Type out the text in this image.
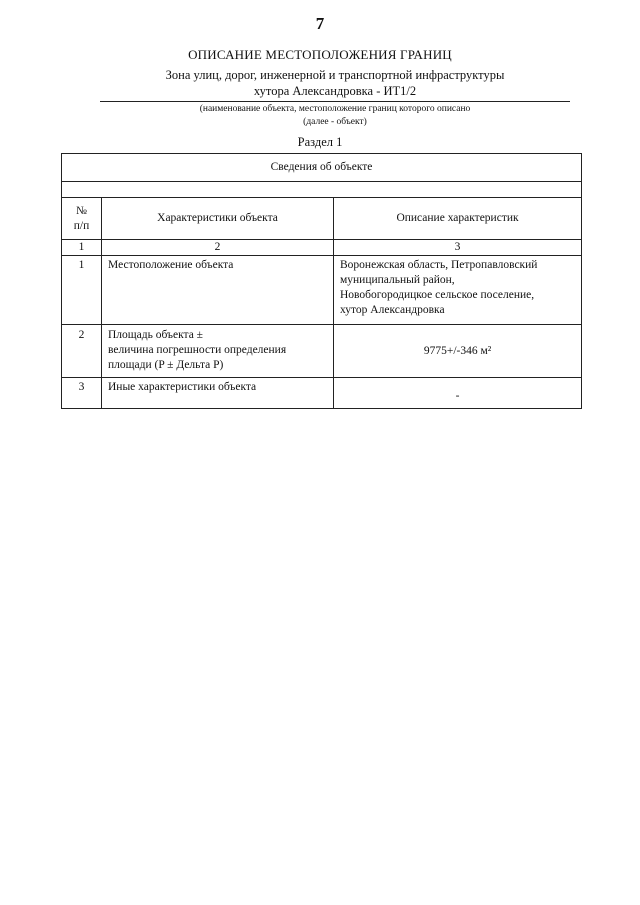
7
ОПИСАНИЕ МЕСТОПОЛОЖЕНИЯ ГРАНИЦ
Зона улиц, дорог, инженерной и транспортной инфраструктуры
хутора Александровка - ИТ1/2
(наименование объекта, местоположение границ которого описано
(далее - объект)
Раздел 1
Сведения об объекте		

№
п/п	Характеристики объекта	Описание характеристик
1	2	3
1	Местоположение объекта	Воронежская область, Петропавловский
муниципальный район,
Новобогородицкое сельское поселение,
хутор Александровка

2	Площадь объекта ±
величина погрешности определения
площади (P ± Дельта P)	9775+/-346 м²
3	Иные характеристики объекта	-
